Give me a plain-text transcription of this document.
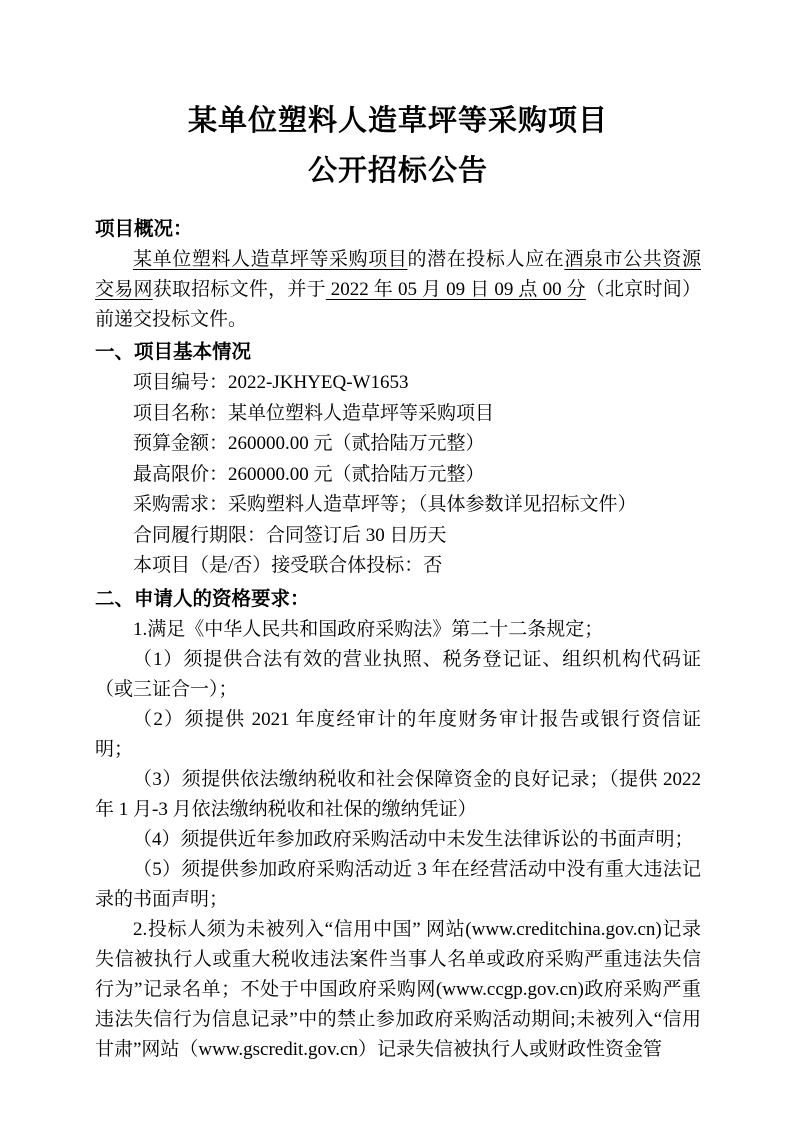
某单位塑料人造草坪等采购项目
公开招标公告
项目概况：

某单位塑料人造草坪等采购项目的潜在投标人应在酒泉市公共资源交易网获取招标文件，并于 2022 年 05 月 09 日 09 点 00 分（北京时间）前递交投标文件。

一、项目基本情况
项目编号：2022-JKHYEQ-W1653
项目名称：某单位塑料人造草坪等采购项目
预算金额：260000.00 元（贰拾陆万元整）
最高限价：260000.00 元（贰拾陆万元整）
采购需求：采购塑料人造草坪等；（具体参数详见招标文件）
合同履行期限：合同签订后 30 日历天
本项目（是/否）接受联合体投标：否
二、申请人的资格要求：

1.满足《中华人民共和国政府采购法》第二十二条规定；

（1）须提供合法有效的营业执照、税务登记证、组织机构代码证（或三证合一）；

（2）须提供 2021 年度经审计的年度财务审计报告或银行资信证明；

（3）须提供依法缴纳税收和社会保障资金的良好记录；（提供 2022 年 1 月-3 月依法缴纳税收和社保的缴纳凭证）

（4）须提供近年参加政府采购活动中未发生法律诉讼的书面声明；

（5）须提供参加政府采购活动近 3 年在经营活动中没有重大违法记录的书面声明；

2.投标人须为未被列入“信用中国” 网站(www.creditchina.gov.cn)记录失信被执行人或重大税收违法案件当事人名单或政府采购严重违法失信行为”记录名单；不处于中国政府采购网(www.ccgp.gov.cn)政府采购严重违法失信行为信息记录”中的禁止参加政府采购活动期间;未被列入“信用甘肃”网站（www.gscredit.gov.cn）记录失信被执行人或财政性资金管
